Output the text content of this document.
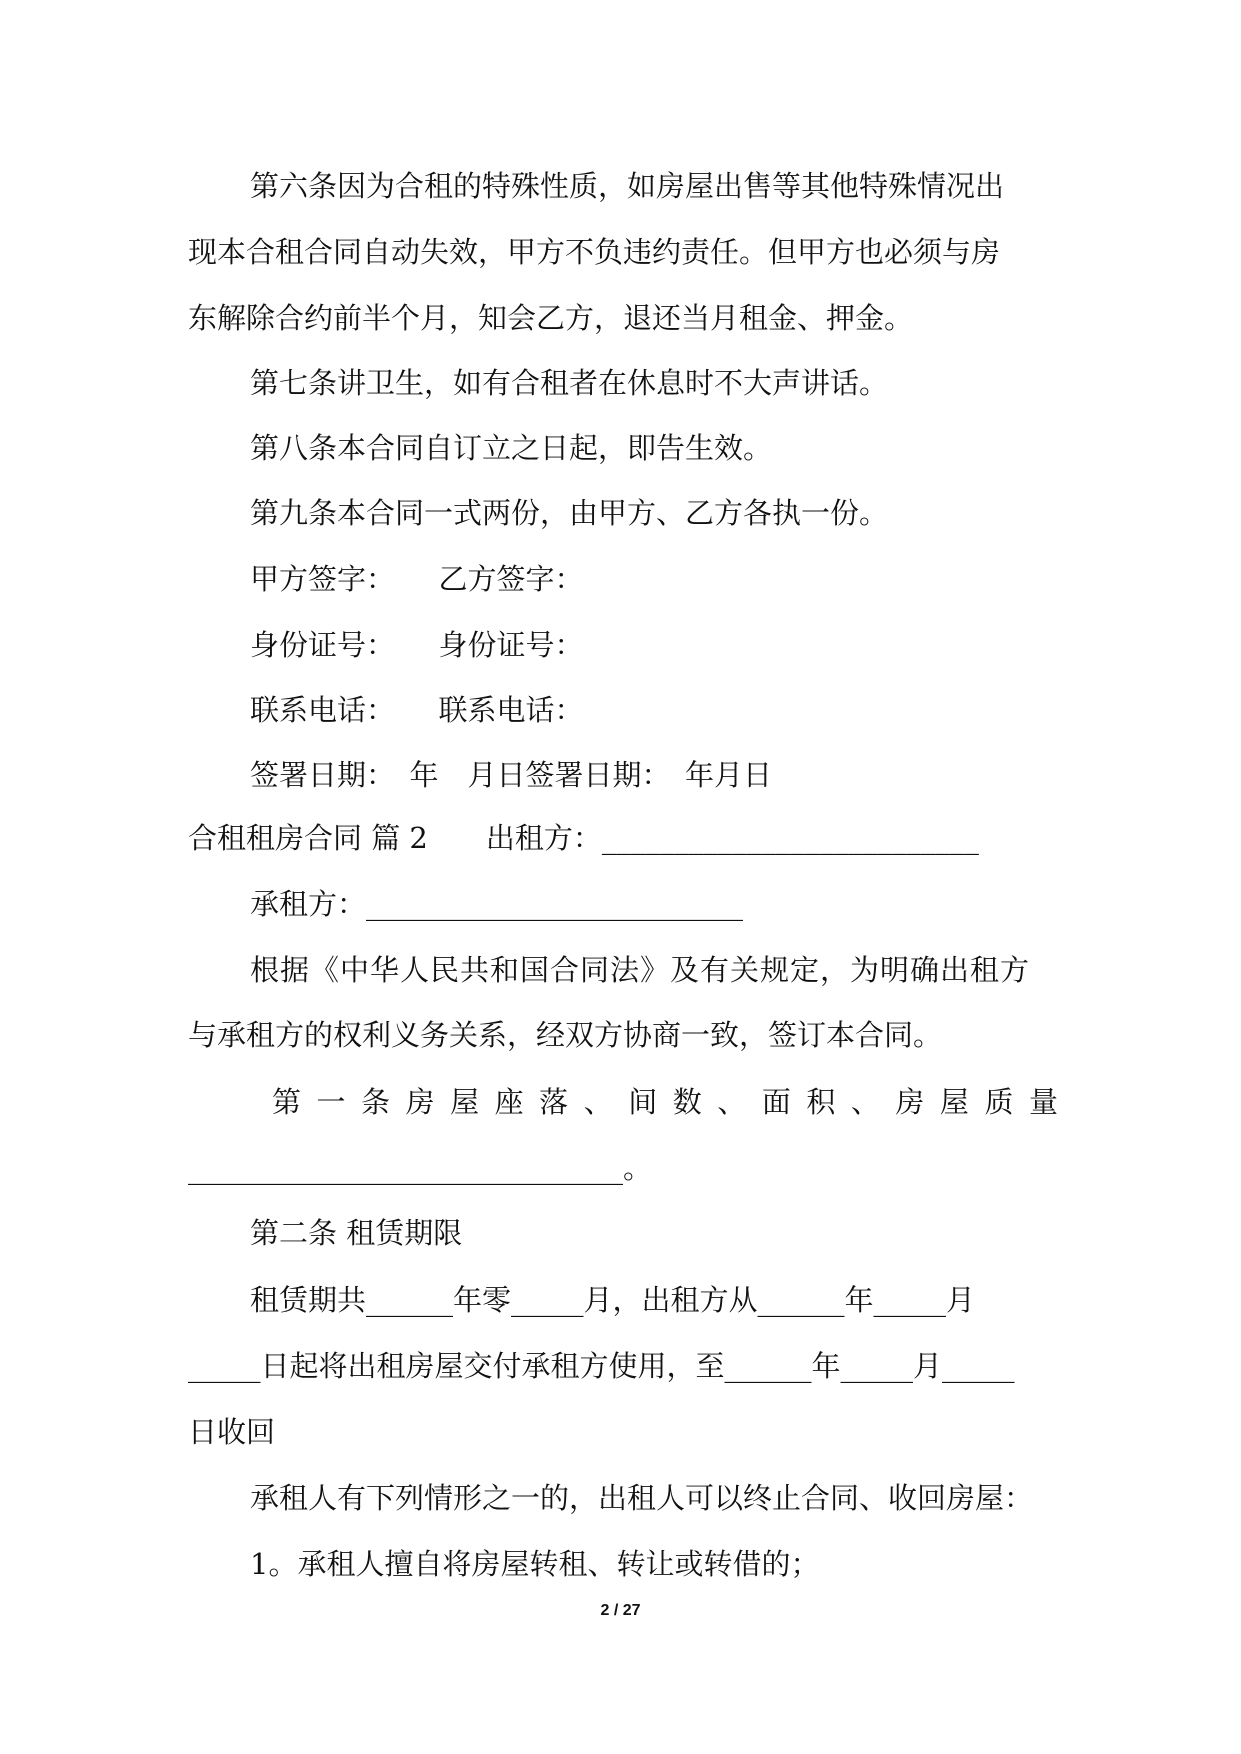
第六条因为合租的特殊性质，如房屋出售等其他特殊情况出
现本合租合同自动失效，甲方不负违约责任。但甲方也必须与房
东解除合约前半个月，知会乙方，退还当月租金、押金。
第七条讲卫生，如有合租者在休息时不大声讲话。
第八条本合同自订立之日起，即告生效。
第九条本合同一式两份，由甲方、乙方各执一份。
甲方签字：　　乙方签字：
身份证号：　　身份证号：
联系电话：　　联系电话：
签署日期：　年　月日签署日期：　年月日
合租租房合同 篇 2　　出租方：__________________________
承租方：__________________________
根据《中华人民共和国合同法》及有关规定，为明确出租方
与承租方的权利义务关系，经双方协商一致，签订本合同。
第 一 条 房 屋 座 落 、 间 数 、 面 积 、 房 屋 质 量
______________________________。
第二条 租赁期限
租赁期共______年零_____月，出租方从______年_____月
_____日起将出租房屋交付承租方使用，至______年_____月_____
日收回
承租人有下列情形之一的，出租人可以终止合同、收回房屋：
1。承租人擅自将房屋转租、转让或转借的；
2 / 27
